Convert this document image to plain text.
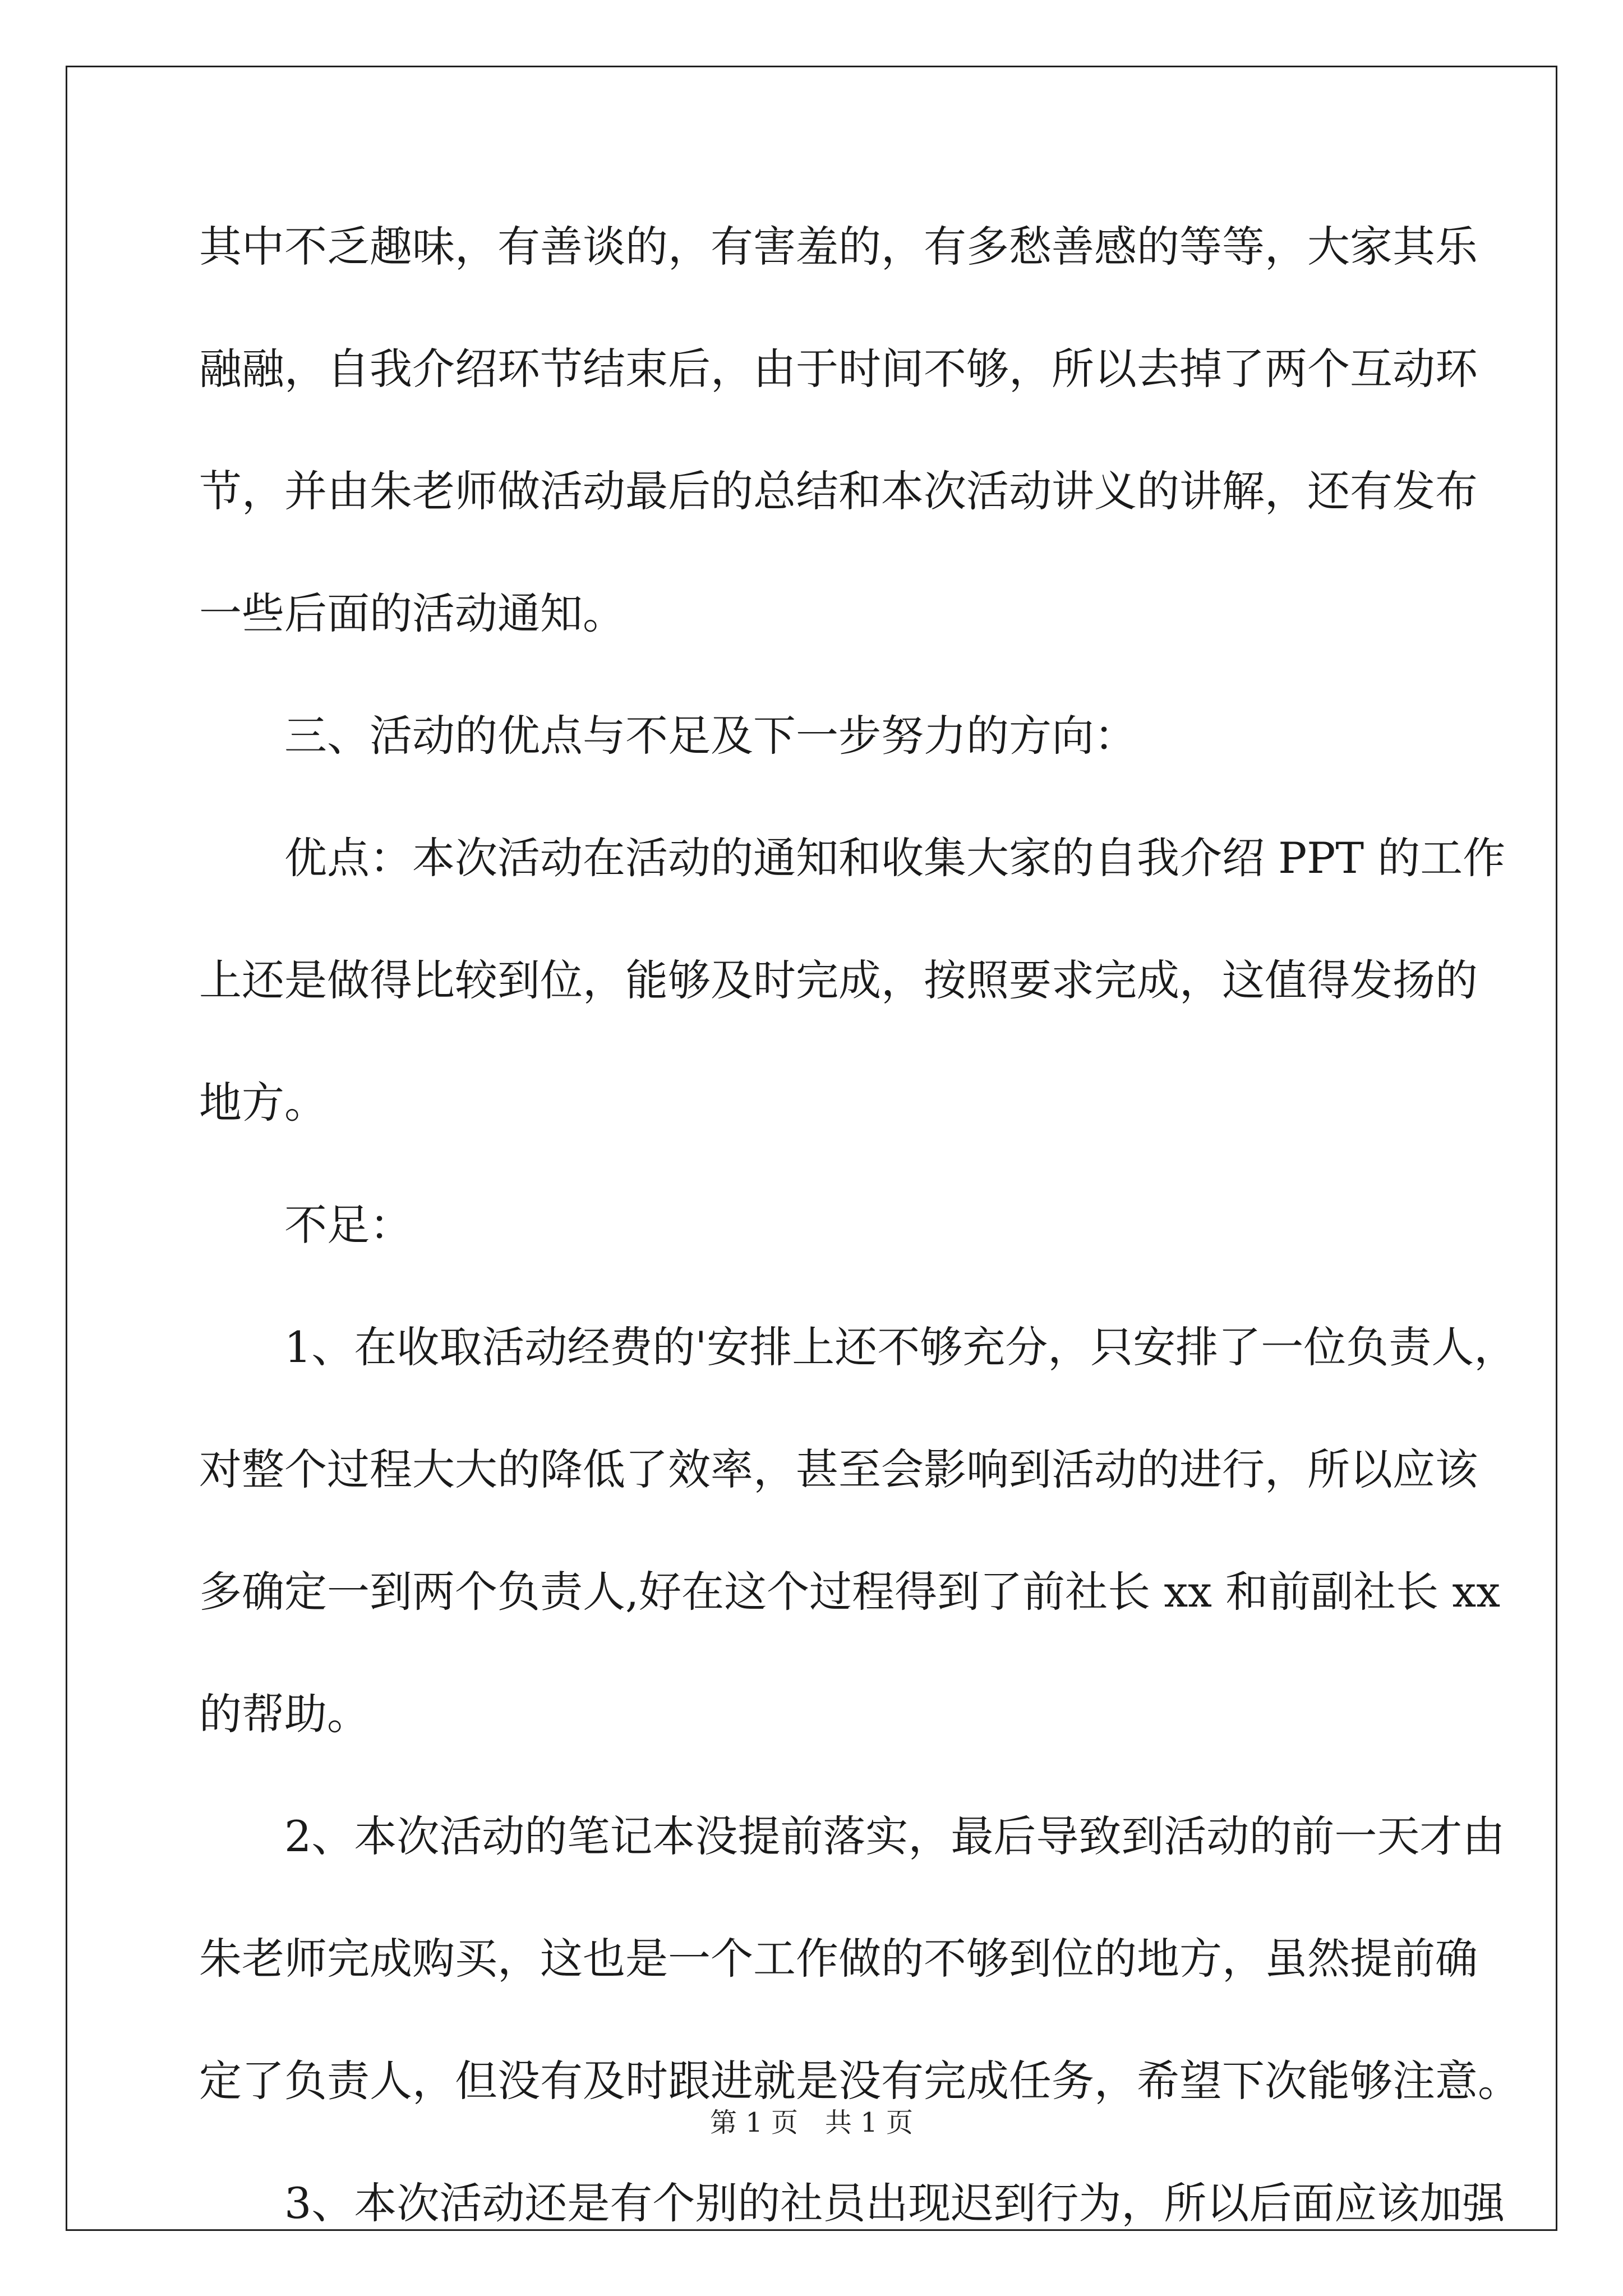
其中不乏趣味，有善谈的，有害羞的，有多愁善感的等等，大家其乐
融融，自我介绍环节结束后，由于时间不够，所以去掉了两个互动环
节，并由朱老师做活动最后的总结和本次活动讲义的讲解，还有发布
一些后面的活动通知。
三、活动的优点与不足及下一步努力的方向：
优点：本次活动在活动的通知和收集大家的自我介绍 PPT 的工作
上还是做得比较到位，能够及时完成，按照要求完成，这值得发扬的
地方。
不足：
1、在收取活动经费的'安排上还不够充分，只安排了一位负责人，
对整个过程大大的降低了效率，甚至会影响到活动的进行，所以应该
多确定一到两个负责人,好在这个过程得到了前社长 xx 和前副社长 xx
的帮助。
2、本次活动的笔记本没提前落实，最后导致到活动的前一天才由
朱老师完成购买，这也是一个工作做的不够到位的地方，虽然提前确
定了负责人，但没有及时跟进就是没有完成任务，希望下次能够注意。
3、本次活动还是有个别的社员出现迟到行为，所以后面应该加强
第 1 页　共 1 页
